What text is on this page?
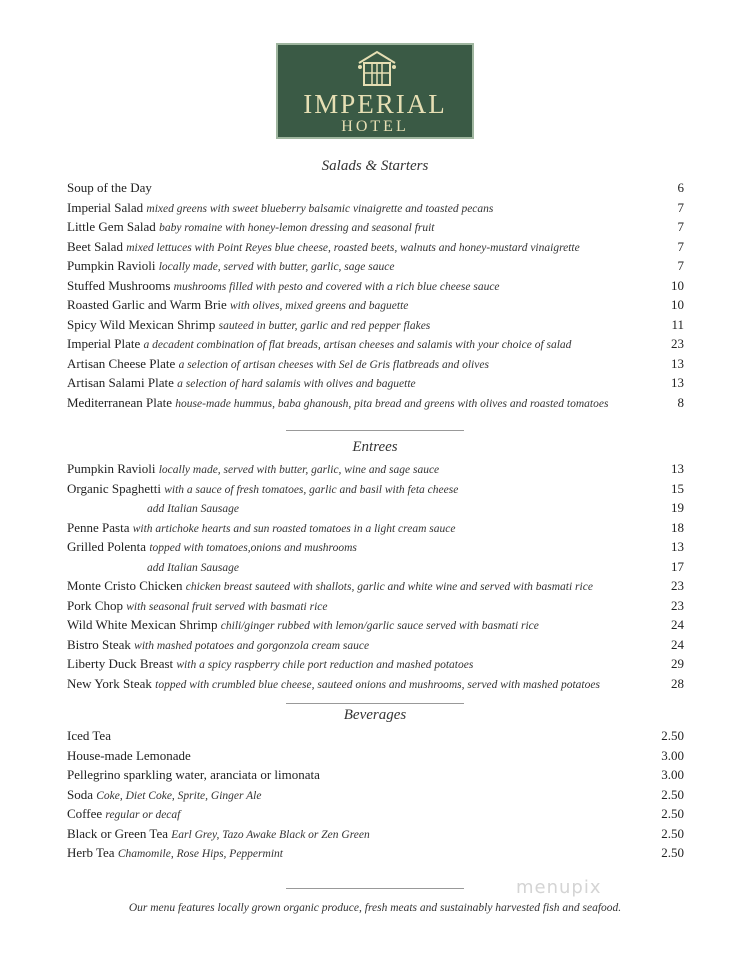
IMPERIAL
HOTEL
Salads & Starters
Soup of the Day	6
Imperial Salad mixed greens with sweet blueberry balsamic vinaigrette and toasted pecans	7
Little Gem Salad baby romaine with honey-lemon dressing and seasonal fruit	7
Beet Salad mixed lettuces with Point Reyes blue cheese, roasted beets, walnuts and honey-mustard vinaigrette	7
Pumpkin Ravioli locally made, served with butter, garlic, sage sauce	7
Stuffed Mushrooms mushrooms filled with pesto and covered with a rich blue cheese sauce	10
Roasted Garlic and Warm Brie with olives, mixed greens and baguette	10
Spicy Wild Mexican Shrimp sauteed in butter, garlic and red pepper flakes	11
Imperial Plate a decadent combination of flat breads, artisan cheeses and salamis with your choice of salad	23
Artisan Cheese Plate a selection of artisan cheeses with Sel de Gris flatbreads and olives	13
Artisan Salami Plate a selection of hard salamis with olives and baguette	13
Mediterranean Plate house-made hummus, baba ghanoush, pita bread and greens with olives and roasted tomatoes	8
Entrees
Pumpkin Ravioli locally made, served with butter, garlic, wine and sage sauce	13
Organic Spaghetti with a sauce of fresh tomatoes, garlic and basil with feta cheese	15
add Italian Sausage	19
Penne Pasta with artichoke hearts and sun roasted tomatoes in a light cream sauce	18
Grilled Polenta topped with tomatoes,onions and mushrooms	13
add Italian Sausage	17
Monte Cristo Chicken chicken breast sauteed with shallots, garlic and white wine and served with basmati rice	23
Pork Chop with seasonal fruit served with basmati rice	23
Wild White Mexican Shrimp chili/ginger rubbed with lemon/garlic sauce served with basmati rice	24
Bistro Steak with mashed potatoes and gorgonzola cream sauce	24
Liberty Duck Breast with a spicy raspberry chile port reduction and mashed potatoes	29
New York Steak topped with crumbled blue cheese, sauteed onions and mushrooms, served with mashed potatoes	28
Beverages
Iced Tea	2.50
House-made Lemonade	3.00
Pellegrino sparkling water, aranciata or limonata	3.00
Soda Coke, Diet Coke, Sprite, Ginger Ale	2.50
Coffee regular or decaf	2.50
Black or Green Tea Earl Grey, Tazo Awake Black or Zen Green	2.50
Herb Tea Chamomile, Rose Hips, Peppermint	2.50
Our menu features locally grown organic produce, fresh meats and sustainably harvested fish and seafood.
menupix
